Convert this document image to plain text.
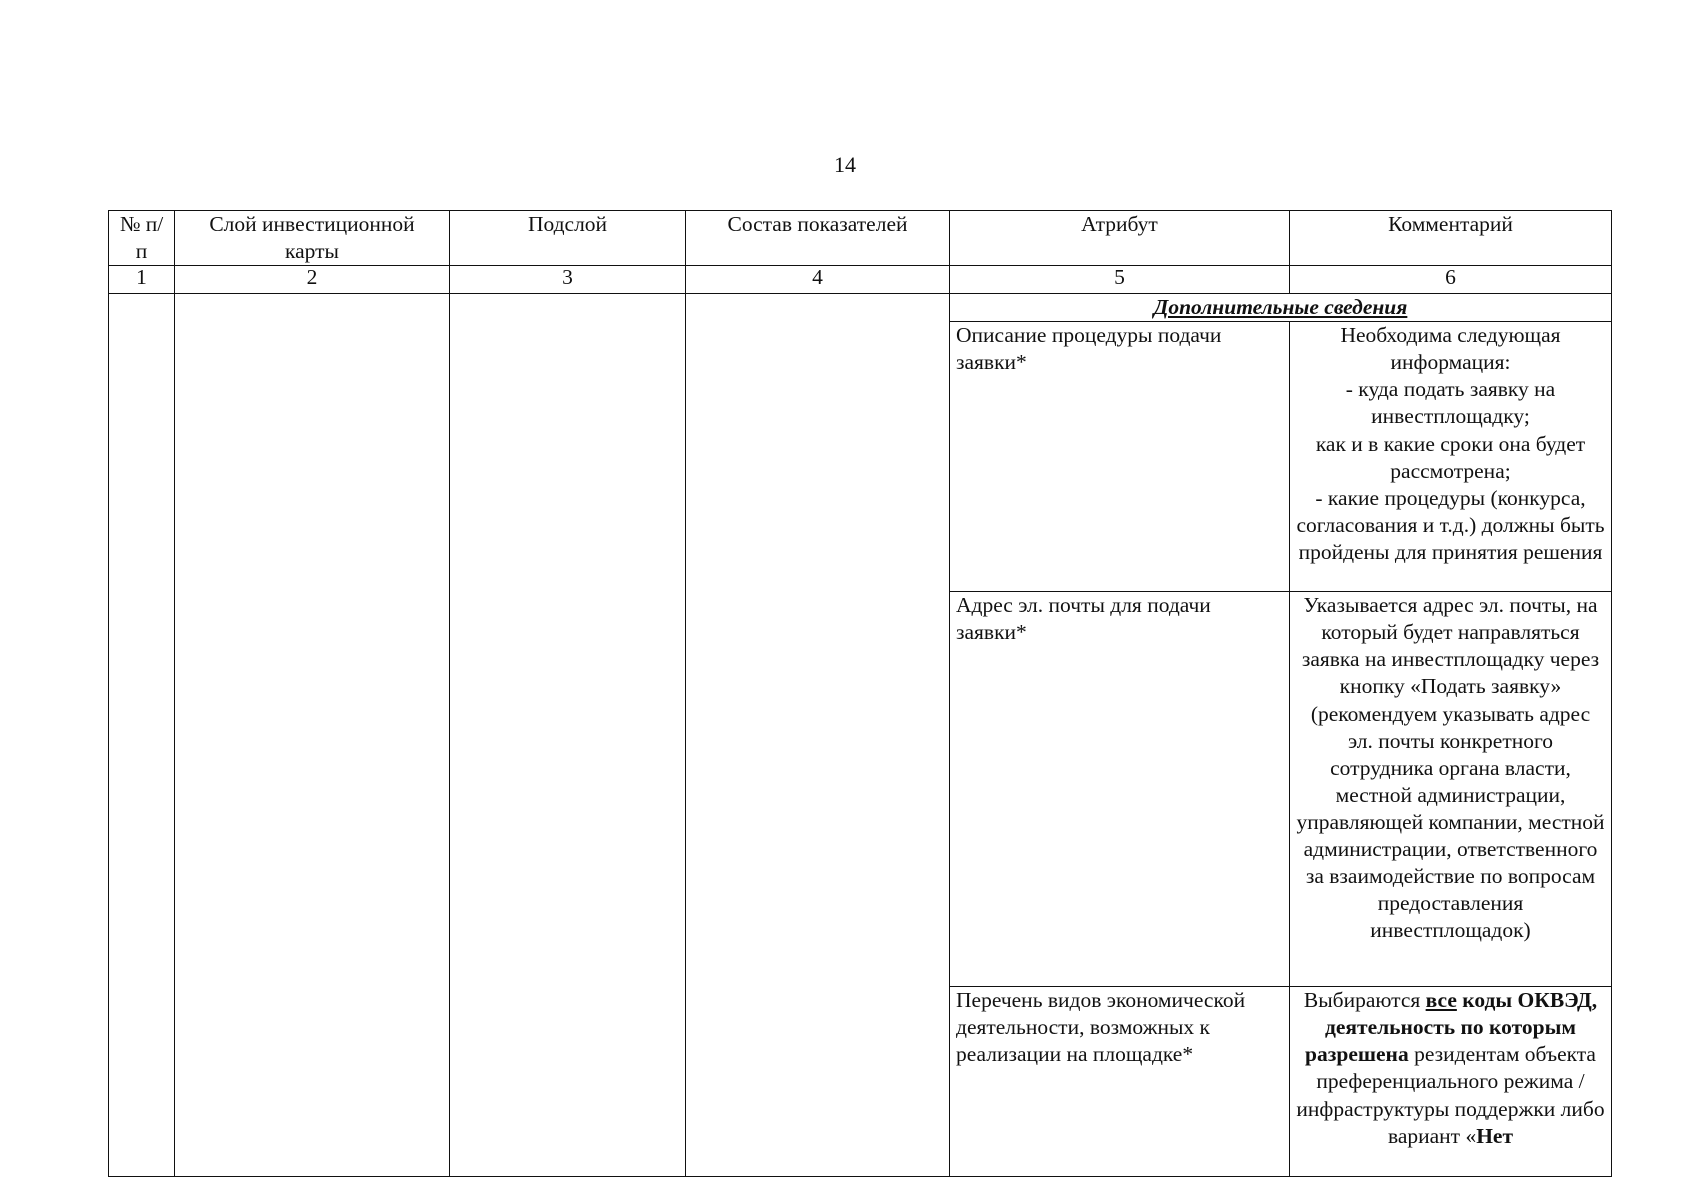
14
№ п/п	Слой инвестиционной карты	Подслой	Состав показателей	Атрибут	Комментарий
1	2	3	4	5	6
				Дополнительные сведения	
				Описание процедуры подачи заявки*	Необходима следующая информация:
- куда подать заявку на инвестплощадку;
как и в какие сроки она будет рассмотрена;
- какие процедуры (конкурса, согласования и т.д.) должны быть пройдены для принятия решения

				Адрес эл. почты для подачи заявки*	Указывается адрес эл. почты, на который будет направляться заявка на инвестплощадку через кнопку «Подать заявку» (рекомендуем указывать адрес эл. почты конкретного сотрудника органа власти, местной администрации, управляющей компании, местной администрации, ответственного за взаимодействие по вопросам предоставления инвестплощадок)
				Перечень видов экономической деятельности, возможных к реализации на площадке*	Выбираются все коды ОКВЭД, деятельность по которым разрешена резидентам объекта преференциального режима / инфраструктуры поддержки либо вариант «Нет
